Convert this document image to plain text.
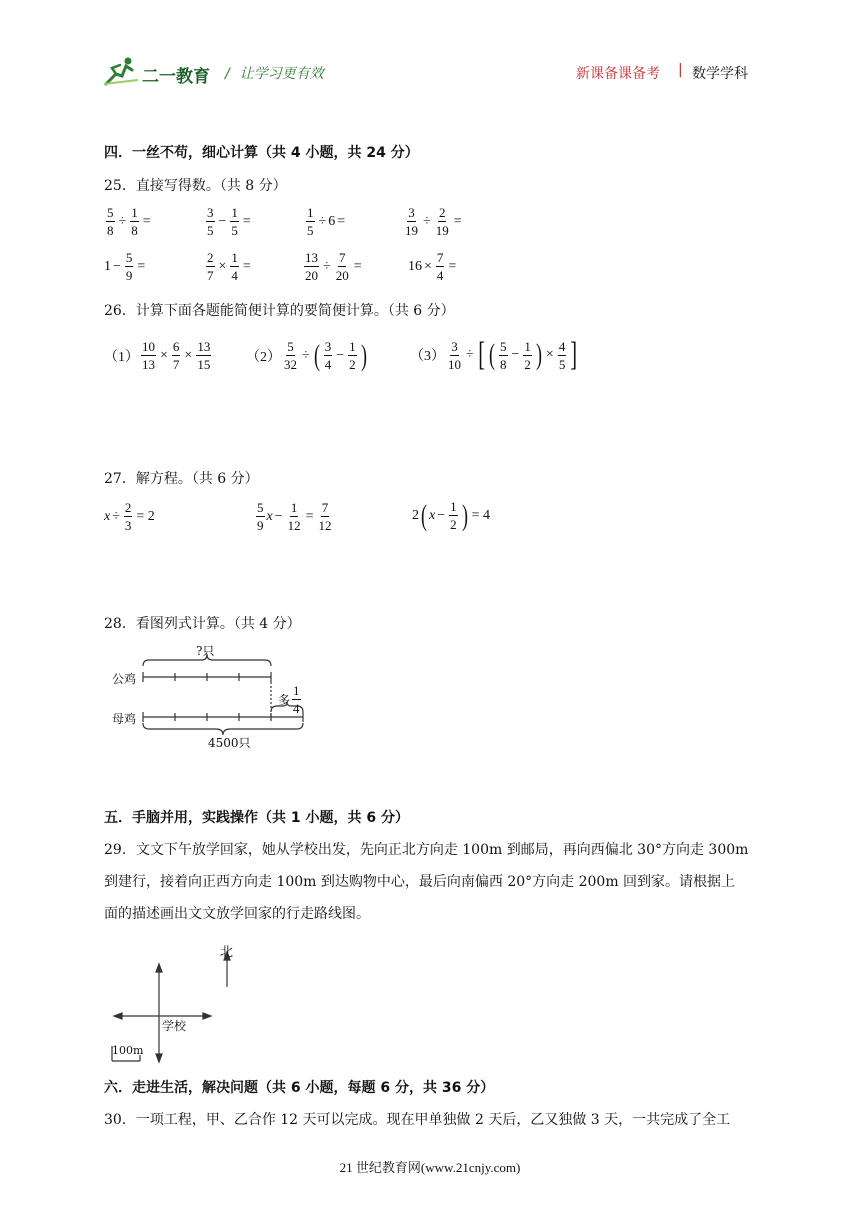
二一教育 / 让学习更有效	新课备课备考 | 数学学科
四．一丝不苟，细心计算（共 4 小题，共 24 分）
25．直接写得数。（共 8 分）
$\frac{5}{8} \div \frac{1}{8}$ =	$\frac{3}{5} - \frac{1}{5}$ =	$\frac{1}{5} \div 6$ =	$\frac{3}{19} \div \frac{2}{19}$ =
$1 - \frac{5}{9}$ =	$\frac{2}{7} \times \frac{1}{4}$ =	$\frac{13}{20} \div \frac{7}{20}$ =	$16 \times \frac{7}{4}$ =
26．计算下面各题能简便计算的要简便计算。（共 6 分）
$(1) \frac{10}{13} \times \frac{6}{7} \times \frac{13}{15} (2) \frac{5}{32}$ ÷ ( $\frac{3}{4} - \frac{1}{2}$ )	$(3) \frac{3}{10}$ ÷ [ ( $\frac{5}{8} - \frac{1}{2}$ ) × $\frac{4}{5}$ ]
27．解方程。（共 6 分）
$x \div \frac{2}{3} = 2$	$\frac{5}{9}$ $x - \frac{1}{12} = \frac{7}{12}$	2 ( $x - \frac{1}{2}$ ) = 4
28．看图列式计算。（共 4 分）
公鸡
母鸡
?只
多 $\frac{1}{4}$
4500只
五．手脑并用，实践操作（共 1 小题，共 6 分）
29．文文下午放学回家，她从学校出发，先向正北方向走 100m 到邮局，再向西偏北 30°方向走 300m
到建行，接着向正西方向走 100m 到达购物中心，最后向南偏西 20°方向走 200m 回到家。请根据上
面的描述画出文文放学回家的行走路线图。
北
学校
100m
六．走进生活，解决问题（共 6 小题，每题 6 分，共 36 分）
30．一项工程，甲、乙合作 12 天可以完成。现在甲单独做 2 天后，乙又独做 3 天，一共完成了全工
21 世纪教育网(www.21cnjy.com)
